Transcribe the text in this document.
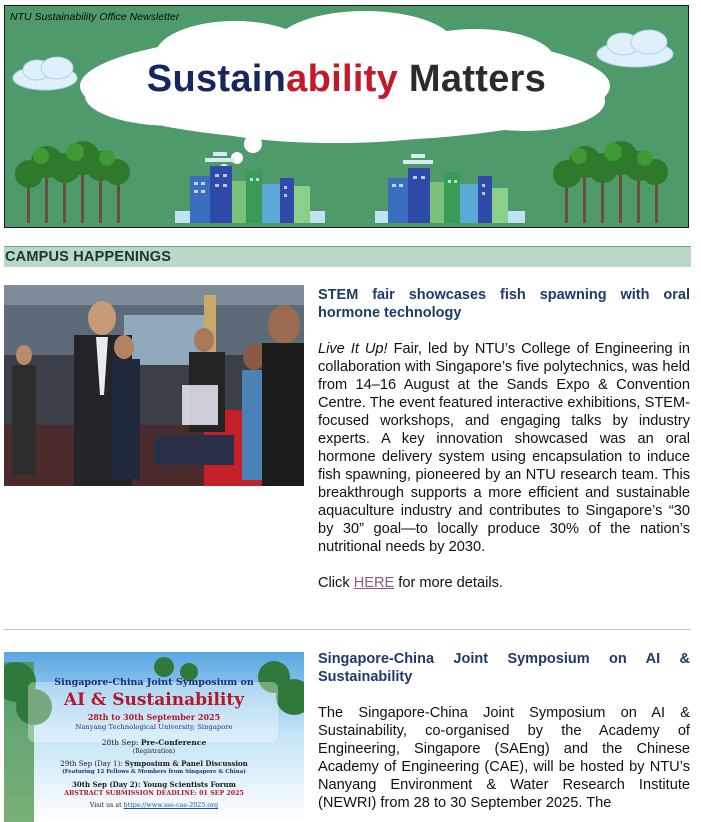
NTU Sustainability Office Newsletter
Sustainability Matters
CAMPUS HAPPENINGS
STEM fair showcases fish spawning with oral hormone technology
Live It Up! Fair, led by NTU’s College of Engineering in collaboration with Singapore’s five polytechnics, was held from 14–16 August at the Sands Expo & Convention Centre. The event featured interactive exhibitions, STEM-focused workshops, and engaging talks by industry experts. A key innovation showcased was an oral hormone delivery system using encapsulation to induce fish spawning, pioneered by an NTU research team. This breakthrough supports a more efficient and sustainable aquaculture industry and contributes to Singapore’s “30 by 30” goal—to locally produce 30% of the nation’s nutritional needs by 2030.
Click HERE for more details.
Singapore-China Joint Symposium on
AI & Sustainability
28th to 30th September 2025
Nanyang Technological University, Singapore
28th Sep: Pre-Conference
(Registration)
29th Sep (Day 1): Symposium & Panel Discussion
(Featuring 12 Fellows & Members from Singapore & China)
30th Sep (Day 2): Young Scientists Forum
ABSTRACT SUBMISSION DEADLINE: 01 SEP 2025
Visit us at https://www.sse-cae-2025.org
Singapore-China Joint Symposium on AI & Sustainability
The Singapore-China Joint Symposium on AI & Sustainability, co-organised by the Academy of Engineering, Singapore (SAEng) and the Chinese Academy of Engineering (CAE), will be hosted by NTU’s Nanyang Environment & Water Research Institute (NEWRI) from 28 to 30 September 2025. The
